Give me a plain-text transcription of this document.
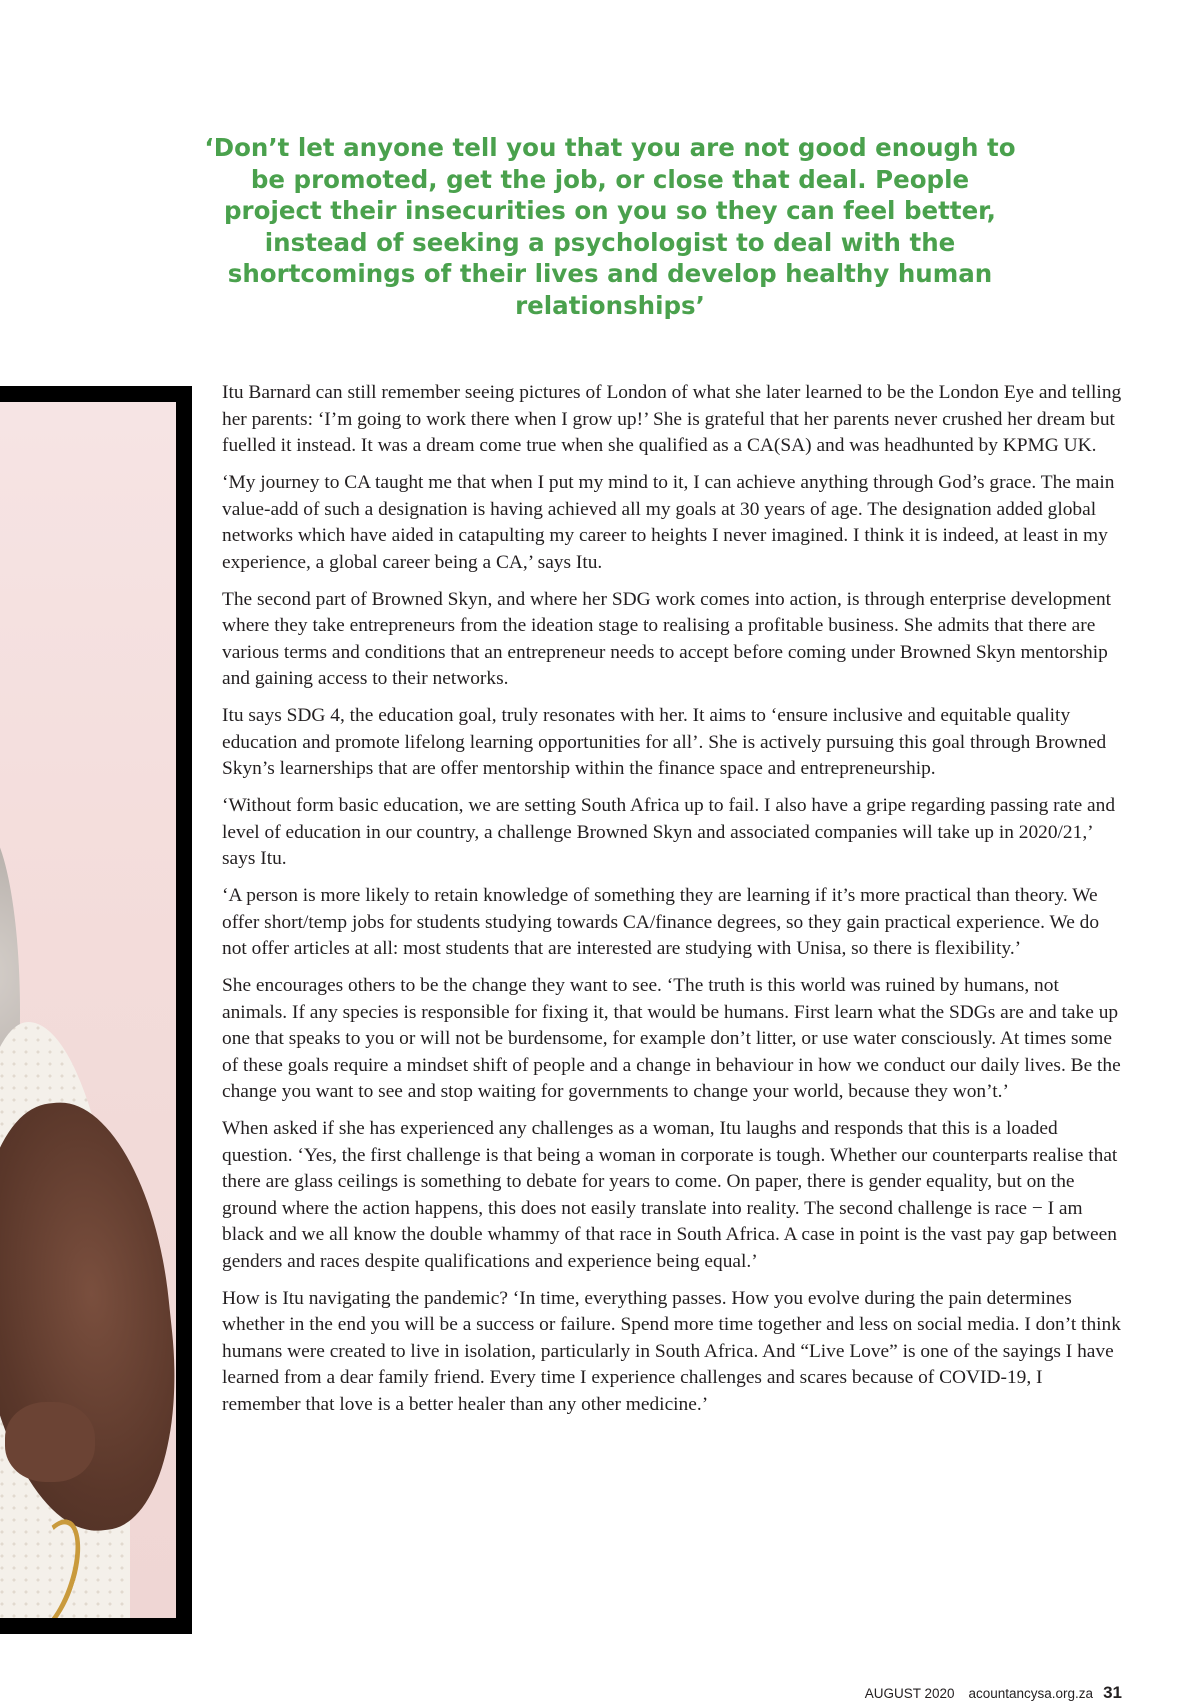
‘Don’t let anyone tell you that you are not good enough to be promoted, get the job, or close that deal. People project their insecurities on you so they can feel better, instead of seeking a psychologist to deal with the shortcomings of their lives and develop healthy human relationships’

Itu Barnard can still remember seeing pictures of London of what she later learned to be the London Eye and telling her parents: ‘I’m going to work there when I grow up!’ She is grateful that her parents never crushed her dream but fuelled it instead. It was a dream come true when she qualified as a CA(SA) and was headhunted by KPMG UK.

‘My journey to CA taught me that when I put my mind to it, I can achieve anything through God’s grace. The main value-add of such a designation is having achieved all my goals at 30 years of age. The designation added global networks which have aided in catapulting my career to heights I never imagined. I think it is indeed, at least in my experience, a global career being a CA,’ says Itu.

The second part of Browned Skyn, and where her SDG work comes into action, is through enterprise development where they take entrepreneurs from the ideation stage to realising a profitable business. She admits that there are various terms and conditions that an entrepreneur needs to accept before coming under Browned Skyn mentorship and gaining access to their networks.

Itu says SDG 4, the education goal, truly resonates with her. It aims to ‘ensure inclusive and equitable quality education and promote lifelong learning opportunities for all’. She is actively pursuing this goal through Browned Skyn’s learnerships that are offer mentorship within the finance space and entrepreneurship.

‘Without form basic education, we are setting South Africa up to fail. I also have a gripe regarding passing rate and level of education in our country, a challenge Browned Skyn and associated companies will take up in 2020/21,’ says Itu.

‘A person is more likely to retain knowledge of something they are learning if it’s more practical than theory. We offer short/temp jobs for students studying towards CA/finance degrees, so they gain practical experience. We do not offer articles at all: most students that are interested are studying with Unisa, so there is flexibility.’

She encourages others to be the change they want to see. ‘The truth is this world was ruined by humans, not animals. If any species is responsible for fixing it, that would be humans. First learn what the SDGs are and take up one that speaks to you or will not be burdensome, for example don’t litter, or use water consciously. At times some of these goals require a mindset shift of people and a change in behaviour in how we conduct our daily lives. Be the change you want to see and stop waiting for governments to change your world, because they won’t.’

When asked if she has experienced any challenges as a woman, Itu laughs and responds that this is a loaded question. ‘Yes, the first challenge is that being a woman in corporate is tough. Whether our counterparts realise that there are glass ceilings is something to debate for years to come. On paper, there is gender equality, but on the ground where the action happens, this does not easily translate into reality. The second challenge is race − I am black and we all know the double whammy of that race in South Africa. A case in point is the vast pay gap between genders and races despite qualifications and experience being equal.’

How is Itu navigating the pandemic? ‘In time, everything passes. How you evolve during the pain determines whether in the end you will be a success or failure. Spend more time together and less on social media. I don’t think humans were created to live in isolation, particularly in South Africa. And “Live Love” is one of the sayings I have learned from a dear family friend. Every time I experience challenges and scares because of COVID-19, I remember that love is a better healer than any other medicine.’

AUGUST 2020 acountancysa.org.za 31
